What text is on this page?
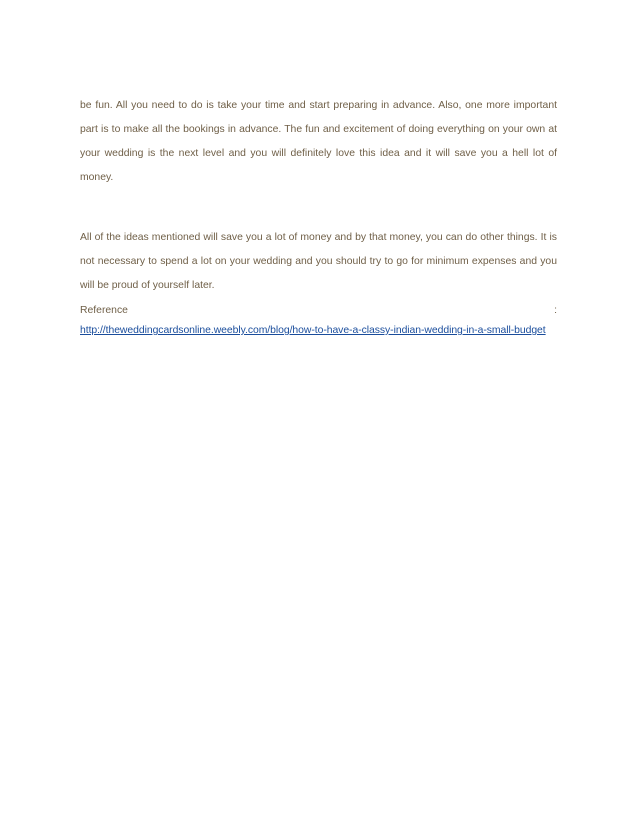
be fun. All you need to do is take your time and start preparing in advance. Also, one more important part is to make all the bookings in advance. The fun and excitement of doing everything on your own at your wedding is the next level and you will definitely love this idea and it will save you a hell lot of money.

All of the ideas mentioned will save you a lot of money and by that money, you can do other things. It is not necessary to spend a lot on your wedding and you should try to go for minimum expenses and you will be proud of yourself later.

Reference	:
http://theweddingcardsonline.weebly.com/blog/how-to-have-a-classy-indian-wedding-in-a-small-budget
